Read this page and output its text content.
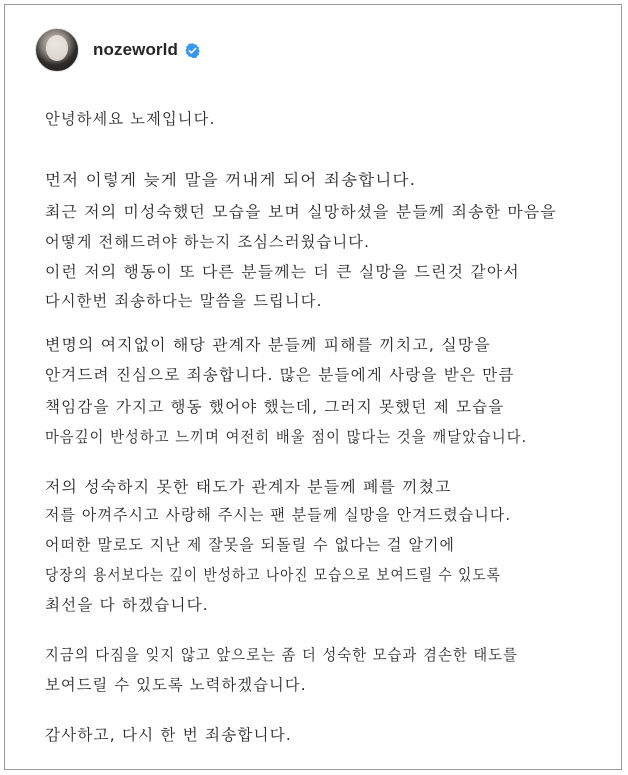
nozeworld
안녕하세요 노제입니다.
먼저 이렇게 늦게 말을 꺼내게 되어 죄송합니다.
최근 저의 미성숙했던 모습을 보며 실망하셨을 분들께 죄송한 마음을
어떻게 전해드려야 하는지 조심스러웠습니다.
이런 저의 행동이 또 다른 분들께는 더 큰 실망을 드린것 같아서
다시한번 죄송하다는 말씀을 드립니다.
변명의 여지없이 해당 관계자 분들께 피해를 끼치고, 실망을
안겨드려 진심으로 죄송합니다. 많은 분들에게 사랑을 받은 만큼
책임감을 가지고 행동 했어야 했는데, 그러지 못했던 제 모습을
마음깊이 반성하고 느끼며 여전히 배울 점이 많다는 것을 깨달았습니다.
저의 성숙하지 못한 태도가 관계자 분들께 폐를 끼쳤고
저를 아껴주시고 사랑해 주시는 팬 분들께 실망을 안겨드렸습니다.
어떠한 말로도 지난 제 잘못을 되돌릴 수 없다는 걸 알기에
당장의 용서보다는 깊이 반성하고 나아진 모습으로 보여드릴 수 있도록
최선을 다 하겠습니다.
지금의 다짐을 잊지 않고 앞으로는 좀 더 성숙한 모습과 겸손한 태도를
보여드릴 수 있도록 노력하겠습니다.
감사하고, 다시 한 번 죄송합니다.
